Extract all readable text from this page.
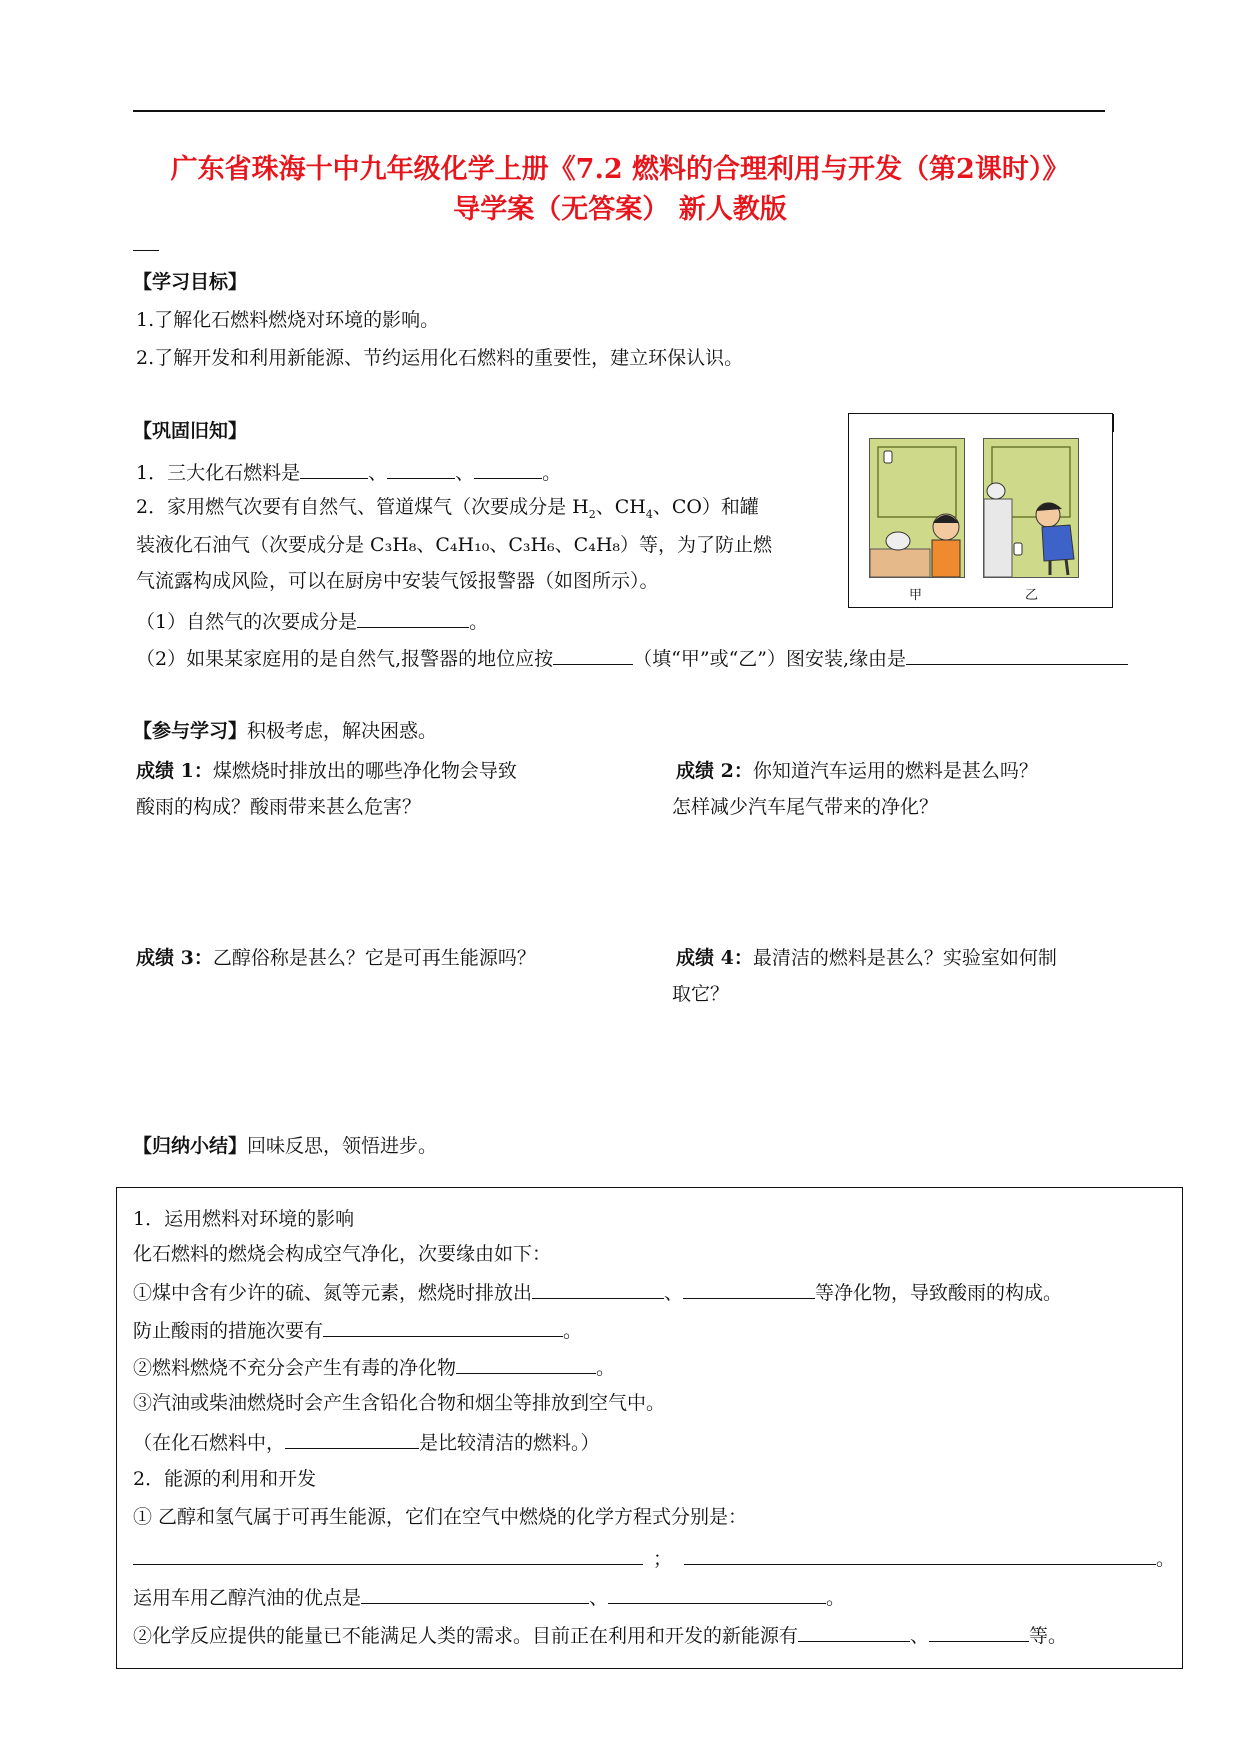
广东省珠海十中九年级化学上册《7.2 燃料的合理利用与开发（第2课时）》
导学案（无答案） 新人教版
【学习目标】
1.了解化石燃料燃烧对环境的影响。
2.了解开发和利用新能源、节约运用化石燃料的重要性，建立环保认识。
【巩固旧知】
1．三大化石燃料是	、	、	。
2．家用燃气次要有自然气、管道煤气（次要成分是 $H_2$、$CH_4$、CO）和罐
装液化石油气（次要成分是 C₃H₈、C₄H₁₀、C₃H₆、C₄H₈）等，为了防止燃
气流露构成风险，可以在厨房中安装气馁报警器（如图所示）。
（1）自然气的次要成分是	。
（2）如果某家庭用的是自然气,报警器的地位应按	（填“甲”或“乙”）图安装,缘由是
甲	乙
【参与学习】积极考虑，解决困惑。
成绩 1：煤燃烧时排放出的哪些净化物会导致
酸雨的构成？酸雨带来甚么危害？
成绩 2：你知道汽车运用的燃料是甚么吗？
怎样减少汽车尾气带来的净化？
成绩 3：乙醇俗称是甚么？它是可再生能源吗？	成绩 4：最清洁的燃料是甚么？实验室如何制
取它？
【归纳小结】回味反思，领悟进步。
1．运用燃料对环境的影响
化石燃料的燃烧会构成空气净化，次要缘由如下：
①煤中含有少许的硫、氮等元素，燃烧时排放出	、	等净化物，导致酸雨的构成。
防止酸雨的措施次要有	。
②燃料燃烧不充分会产生有毒的净化物	。
③汽油或柴油燃烧时会产生含铅化合物和烟尘等排放到空气中。
（在化石燃料中，	是比较清洁的燃料。）
2．能源的利用和开发
① 乙醇和氢气属于可再生能源，它们在空气中燃烧的化学方程式分别是：
；	。
运用车用乙醇汽油的优点是	、	。
②化学反应提供的能量已不能满足人类的需求。目前正在利用和开发的新能源有	、	等。
